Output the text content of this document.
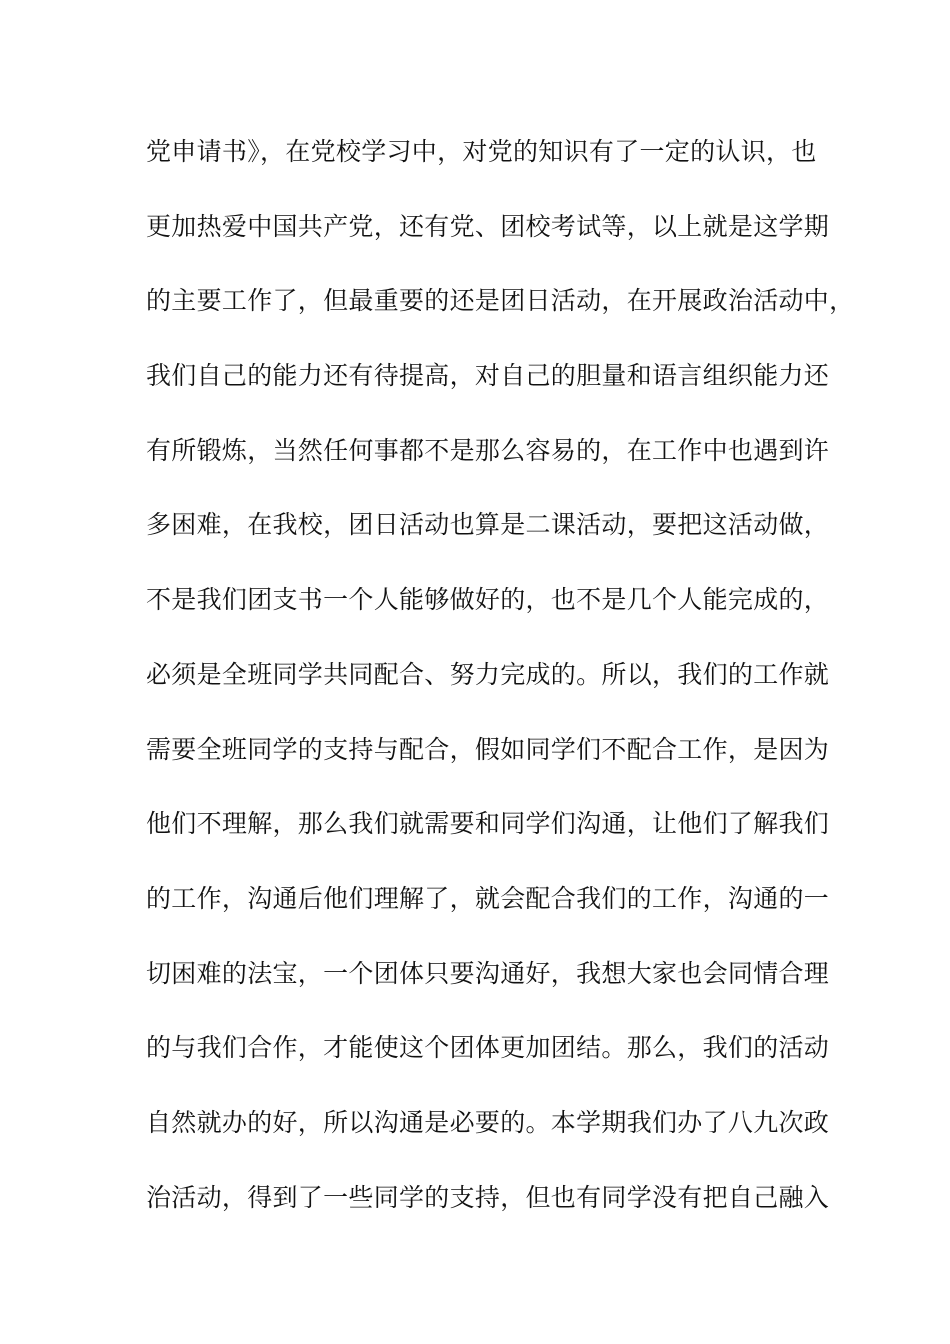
党申请书》，在党校学习中，对党的知识有了一定的认识，也
更加热爱中国共产党，还有党、团校考试等，以上就是这学期
的主要工作了，但最重要的还是团日活动，在开展政治活动中，
我们自己的能力还有待提高，对自己的胆量和语言组织能力还
有所锻炼，当然任何事都不是那么容易的，在工作中也遇到许
多困难，在我校，团日活动也算是二课活动，要把这活动做，
不是我们团支书一个人能够做好的，也不是几个人能完成的，
必须是全班同学共同配合、努力完成的。所以，我们的工作就
需要全班同学的支持与配合，假如同学们不配合工作，是因为
他们不理解，那么我们就需要和同学们沟通，让他们了解我们
的工作，沟通后他们理解了，就会配合我们的工作，沟通的一
切困难的法宝，一个团体只要沟通好，我想大家也会同情合理
的与我们合作，才能使这个团体更加团结。那么，我们的活动
自然就办的好，所以沟通是必要的。本学期我们办了八九次政
治活动，得到了一些同学的支持，但也有同学没有把自己融入
